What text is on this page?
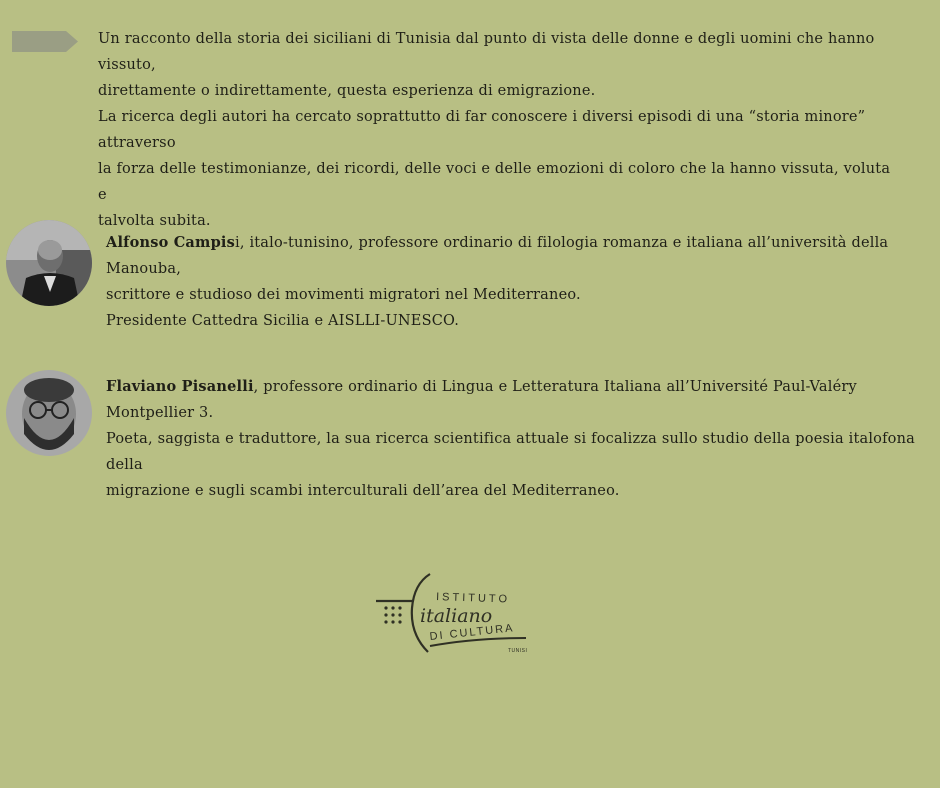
Un racconto della storia dei siciliani di Tunisia dal punto di vista delle donne e degli uomini che hanno vissuto,

direttamente o indirettamente, questa esperienza di emigrazione.

La ricerca degli autori ha cercato soprattutto di far conoscere i diversi episodi di una “storia minore” attraverso

la forza delle testimonianze, dei ricordi, delle voci e delle emozioni di coloro che la hanno vissuta, voluta e

talvolta subita.

Alfonso Campisi, italo-tunisino, professore ordinario di filologia romanza e italiana all’università della Manouba,

scrittore e studioso dei movimenti migratori nel Mediterraneo.

Presidente Cattedra Sicilia e AISLLI-UNESCO.

Flaviano Pisanelli, professore ordinario di Lingua e Letteratura Italiana all’Université Paul-Valéry Montpellier 3.

Poeta, saggista e traduttore, la sua ricerca scientifica attuale si focalizza sullo studio della poesia italofona della

migrazione e sugli scambi interculturali dell’area del Mediterraneo.

ISTITUTO
italiano
DI CULTURA
TUNISI
